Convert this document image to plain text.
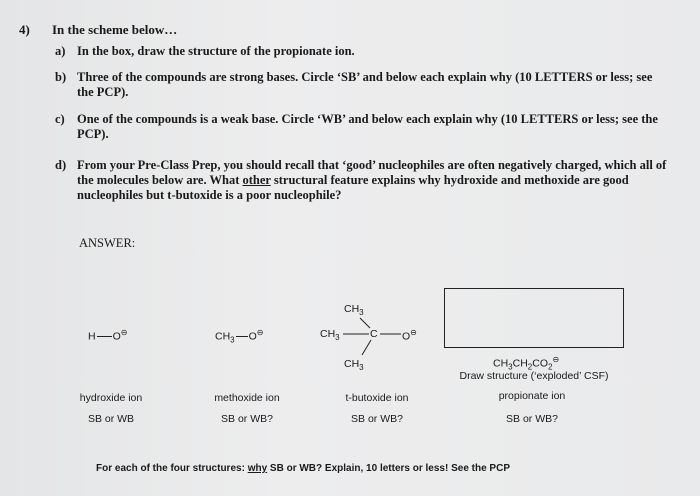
4) In the scheme below…
a) In the box, draw the structure of the propionate ion.
b) Three of the compounds are strong bases. Circle ‘SB’ and below each explain why (10 LETTERS or less; see the PCP).
c) One of the compounds is a weak base. Circle ‘WB’ and below each explain why (10 LETTERS or less; see the PCP).
d) From your Pre-Class Prep, you should recall that ‘good’ nucleophiles are often negatively charged, which all of the molecules below are. What other structural feature explains why hydroxide and methoxide are good nucleophiles but t-butoxide is a poor nucleophile?
ANSWER:
H O⊖	$CH_3$ O⊖
$CH_3$
$CH_3$	C O⊖
$CH_3$	$CH_3CH_2CO_2^⊖$
Draw structure (‘exploded’ CSF)
hydroxide ion	methoxide ion	t-butoxide ion	propionate ion
SB or WB	SB or WB?	SB or WB?	SB or WB?
For each of the four structures: why SB or WB? Explain, 10 letters or less! See the PCP
